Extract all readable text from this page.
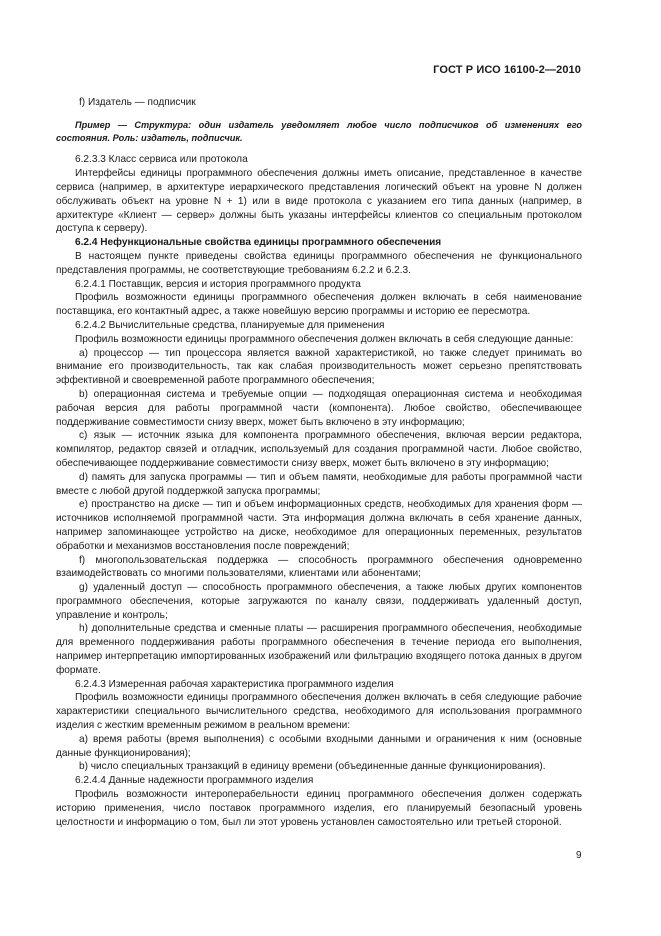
ГОСТ Р ИСО 16100-2—2010

f) Издатель — подписчик

Пример — Структура: один издатель уведомляет любое число подписчиков об изменениях его состояния. Роль: издатель, подписчик.

6.2.3.3 Класс сервиса или протокола

Интерфейсы единицы программного обеспечения должны иметь описание, представленное в качестве сервиса (например, в архитектуре иерархического представления логический объект на уровне N должен обслуживать объект на уровне N + 1) или в виде протокола с указанием его типа данных (например, в архитектуре «Клиент — сервер» должны быть указаны интерфейсы клиентов со специальным протоколом доступа к серверу).

6.2.4 Нефункциональные свойства единицы программного обеспечения

В настоящем пункте приведены свойства единицы программного обеспечения не функционального представления программы, не соответствующие требованиям 6.2.2 и 6.2.3.

6.2.4.1 Поставщик, версия и история программного продукта

Профиль возможности единицы программного обеспечения должен включать в себя наименование поставщика, его контактный адрес, а также новейшую версию программы и историю ее пересмотра.

6.2.4.2 Вычислительные средства, планируемые для применения

Профиль возможности единицы программного обеспечения должен включать в себя следующие данные:

a) процессор — тип процессора является важной характеристикой, но также следует принимать во внимание его производительность, так как слабая производительность может серьезно препятствовать эффективной и своевременной работе программного обеспечения;

b) операционная система и требуемые опции — подходящая операционная система и необходимая рабочая версия для работы программной части (компонента). Любое свойство, обеспечивающее поддерживание совместимости снизу вверх, может быть включено в эту информацию;

c) язык — источник языка для компонента программного обеспечения, включая версии редактора, компилятор, редактор связей и отладчик, используемый для создания программной части. Любое свойство, обеспечивающее поддерживание совместимости снизу вверх, может быть включено в эту информацию;

d) память для запуска программы — тип и объем памяти, необходимые для работы программной части вместе с любой другой поддержкой запуска программы;

e) пространство на диске — тип и объем информационных средств, необходимых для хранения форм — источников исполняемой программной части. Эта информация должна включать в себя хранение данных, например запоминающее устройство на диске, необходимое для операционных переменных, результатов обработки и механизмов восстановления после повреждений;

f) многопользовательская поддержка — способность программного обеспечения одновременно взаимодействовать со многими пользователями, клиентами или абонентами;

g) удаленный доступ — способность программного обеспечения, а также любых других компонентов программного обеспечения, которые загружаются по каналу связи, поддерживать удаленный доступ, управление и контроль;

h) дополнительные средства и сменные платы — расширения программного обеспечения, необходимые для временного поддерживания работы программного обеспечения в течение периода его выполнения, например интерпретацию импортированных изображений или фильтрацию входящего потока данных в другом формате.

6.2.4.3 Измеренная рабочая характеристика программного изделия

Профиль возможности единицы программного обеспечения должен включать в себя следующие рабочие характеристики специального вычислительного средства, необходимого для использования программного изделия с жестким временным режимом в реальном времени:

a) время работы (время выполнения) с особыми входными данными и ограничения к ним (основные данные функционирования);

b) число специальных транзакций в единицу времени (объединенные данные функционирования).

6.2.4.4 Данные надежности программного изделия

Профиль возможности интероперабельности единиц программного обеспечения должен содержать историю применения, число поставок программного изделия, его планируемый безопасный уровень целостности и информацию о том, был ли этот уровень установлен самостоятельно или третьей стороной.

9
